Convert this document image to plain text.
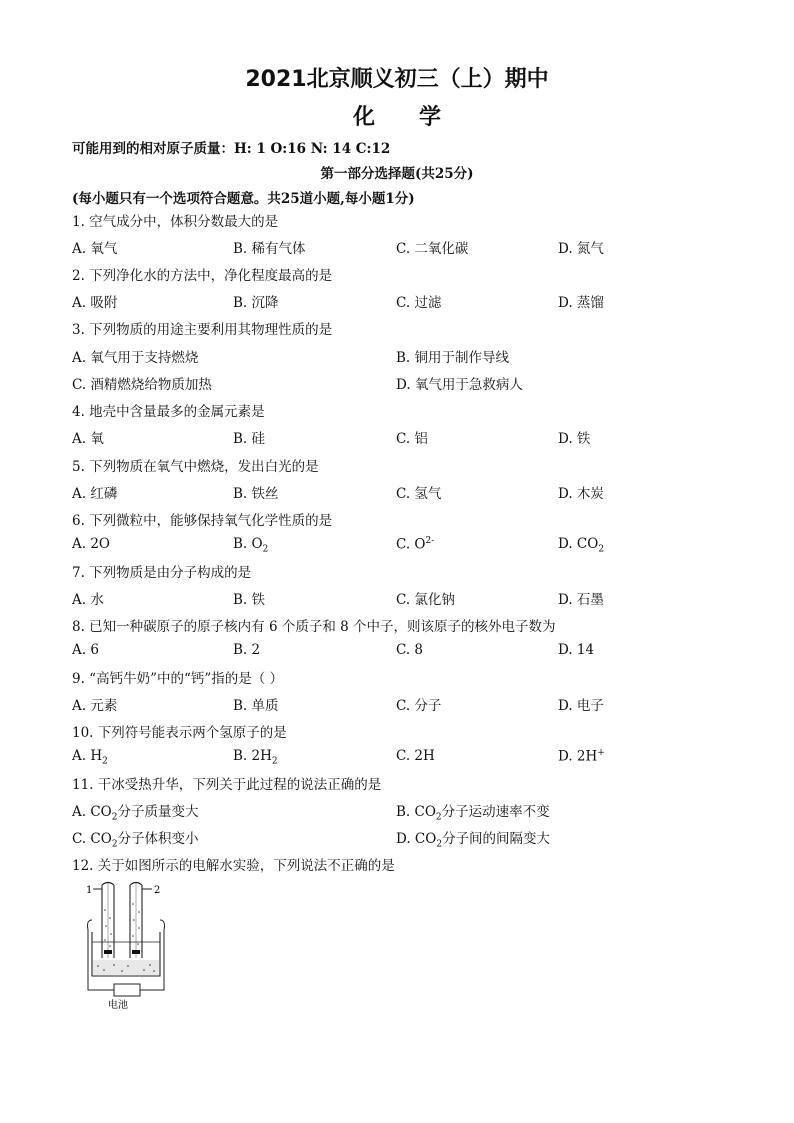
2021北京顺义初三（上）期中
化学
可能用到的相对原子质量：H: 1 O:16 N: 14 C:12
第一部分选择题(共25分)
(每小题只有一个选项符合题意。共25道小题,每小题1分)
1. 空气成分中，体积分数最大的是
A. 氧气	B. 稀有气体	C. 二氧化碳	D. 氮气
2. 下列净化水的方法中，净化程度最高的是
A. 吸附	B. 沉降	C. 过滤	D. 蒸馏
3. 下列物质的用途主要利用其物理性质的是
A. 氧气用于支持燃烧	B. 铜用于制作导线
C. 酒精燃烧给物质加热	D. 氧气用于急救病人
4. 地壳中含量最多的金属元素是
A. 氧	B. 硅	C. 铝	D. 铁
5. 下列物质在氧气中燃烧，发出白光的是
A. 红磷	B. 铁丝	C. 氢气	D. 木炭
6. 下列微粒中，能够保持氧气化学性质的是
A. 2O	B. $O_2$	C. $O^{2-}$	D. $CO_2$
7. 下列物质是由分子构成的是
A. 水	B. 铁	C. 氯化钠	D. 石墨
8. 已知一种碳原子的原子核内有 6 个质子和 8 个中子，则该原子的核外电子数为
A. 6	B. 2	C. 8	D. 14
9. “高钙牛奶”中的“钙”指的是（ ）
A. 元素	B. 单质	C. 分子	D. 电子
10. 下列符号能表示两个氢原子的是
A. $H_2$	B. $2H_2$	C. 2H	D. 2H+
11. 干冰受热升华，下列关于此过程的说法正确的是
A. $CO_2$分子质量变大	B. $CO_2$分子运动速率不变
C. $CO_2$分子体积变小	D. $CO_2$分子间的间隔变大
12. 关于如图所示的电解水实验，下列说法不正确的是
1	2
电池
